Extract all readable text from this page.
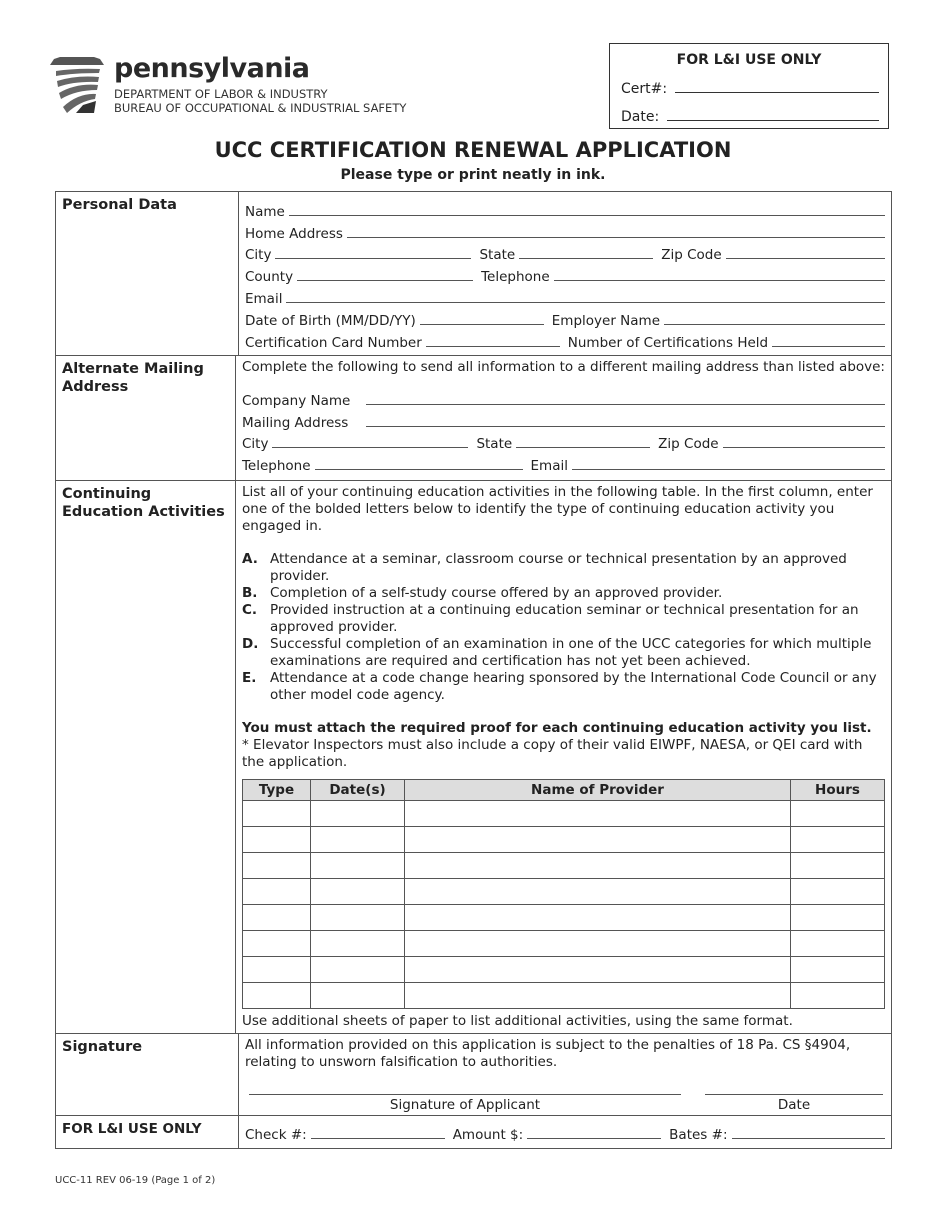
pennsylvania
DEPARTMENT OF LABOR & INDUSTRY
BUREAU OF OCCUPATIONAL & INDUSTRIAL SAFETY
FOR L&I USE ONLY
Cert#:
Date:
UCC CERTIFICATION RENEWAL APPLICATION
Please type or print neatly in ink.
Personal Data	Name
Home Address
City	State	Zip Code
County	Telephone
Email
Date of Birth (MM/DD/YY)	Employer Name
Certification Card Number	Number of Certifications Held
Alternate Mailing Address
Complete the following to send all information to a different mailing address than listed above:
Company Name
Mailing Address
City	State	Zip Code
Telephone	Email
Continuing Education Activities
List all of your continuing education activities in the following table. In the first column, enter one of the bolded letters below to identify the type of continuing education activity you engaged in.
A. Attendance at a seminar, classroom course or technical presentation by an approved provider.
B. Completion of a self-study course offered by an approved provider.
C. Provided instruction at a continuing education seminar or technical presentation for an approved provider.
D. Successful completion of an examination in one of the UCC categories for which multiple examinations are required and certification has not yet been achieved.
E.	Attendance at a code change hearing sponsored by the International Code Council or any other model code agency.
You must attach the required proof for each continuing education activity you list.
* Elevator Inspectors must also include a copy of their valid EIWPF, NAESA, or QEI card with the application.
Type	Date(s)	Name of Provider	Hours

Use additional sheets of paper to list additional activities, using the same format.
Signature	All information provided on this application is subject to the penalties of 18 Pa. CS §4904, relating to unsworn falsification to authorities.
Signature of Applicant	Date
FOR L&I USE ONLY	Check #:	Amount $:	Bates #:
UCC-11 REV 06-19 (Page 1 of 2)
